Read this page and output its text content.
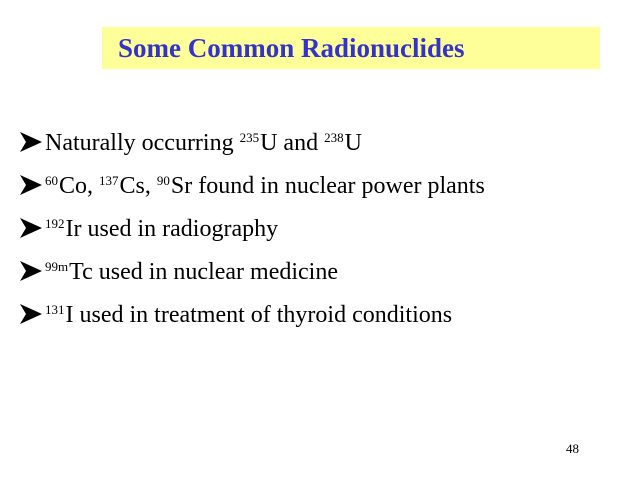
Some Common Radionuclides
Naturally occurring $^{235}$U and $^{238}$U
$^{60}$Co, $^{137}$Cs, $^{90}$Sr found in nuclear power plants
$^{192}$Ir used in radiography
$^{99m}$Tc used in nuclear medicine
$^{131}$I used in treatment of thyroid conditions
48
